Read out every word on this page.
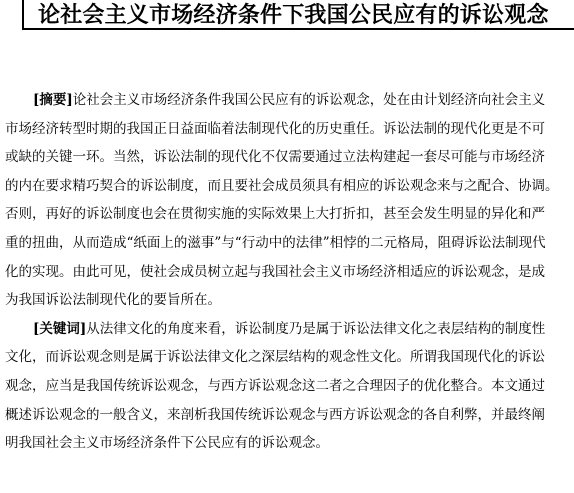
论社会主义市场经济条件下我国公民应有的诉讼观念
[摘要]论社会主义市场经济条件我国公民应有的诉讼观念，处在由计划经济向社会主义
市场经济转型时期的我国正日益面临着法制现代化的历史重任。诉讼法制的现代化更是不可
或缺的关键一环。当然，诉讼法制的现代化不仅需要通过立法构建起一套尽可能与市场经济
的内在要求精巧契合的诉讼制度，而且要社会成员须具有相应的诉讼观念来与之配合、协调。
否则，再好的诉讼制度也会在贯彻实施的实际效果上大打折扣，甚至会发生明显的异化和严
重的扭曲，从而造成“纸面上的滋事”与“行动中的法律”相悖的二元格局，阻碍诉讼法制现代
化的实现。由此可见，使社会成员树立起与我国社会主义市场经济相适应的诉讼观念，是成
为我国诉讼法制现代化的要旨所在。
[关键词]从法律文化的角度来看，诉讼制度乃是属于诉讼法律文化之表层结构的制度性
文化，而诉讼观念则是属于诉讼法律文化之深层结构的观念性文化。所谓我国现代化的诉讼
观念，应当是我国传统诉讼观念，与西方诉讼观念这二者之合理因子的优化整合。本文通过
概述诉讼观念的一般含义，来剖析我国传统诉讼观念与西方诉讼观念的各自利弊，并最终阐
明我国社会主义市场经济条件下公民应有的诉讼观念。
